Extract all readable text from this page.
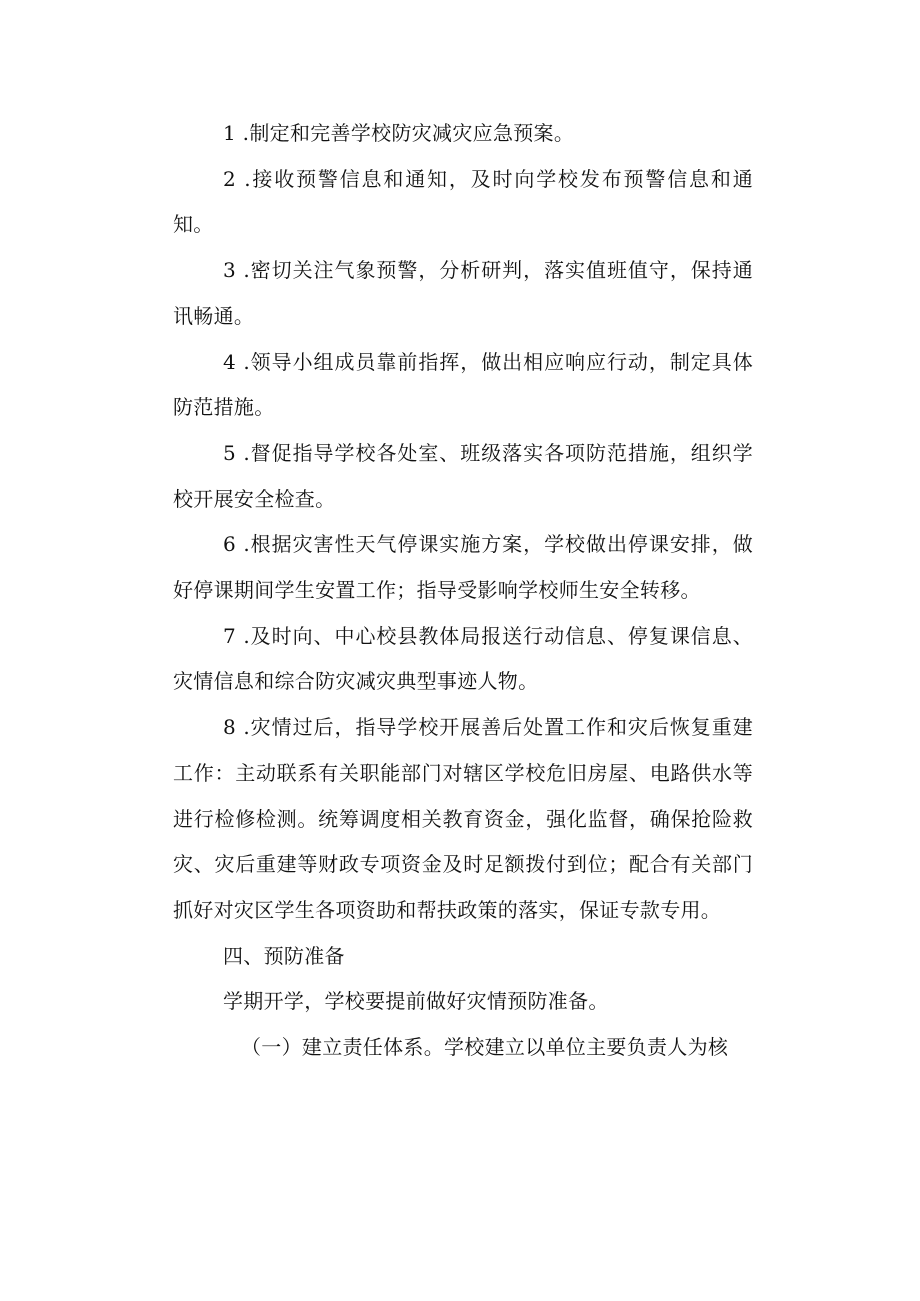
1 .制定和完善学校防灾减灾应急预案。

2 .接收预警信息和通知，及时向学校发布预警信息和通知。

3 .密切关注气象预警，分析研判，落实值班值守，保持通讯畅通。

4 .领导小组成员靠前指挥，做出相应响应行动，制定具体防范措施。

5 .督促指导学校各处室、班级落实各项防范措施，组织学校开展安全检查。

6 .根据灾害性天气停课实施方案，学校做出停课安排，做好停课期间学生安置工作；指导受影响学校师生安全转移。

7 .及时向、中心校县教体局报送行动信息、停复课信息、灾情信息和综合防灾减灾典型事迹人物。

8 .灾情过后，指导学校开展善后处置工作和灾后恢复重建工作：主动联系有关职能部门对辖区学校危旧房屋、电路供水等进行检修检测。统筹调度相关教育资金，强化监督，确保抢险救灾、灾后重建等财政专项资金及时足额拨付到位；配合有关部门抓好对灾区学生各项资助和帮扶政策的落实，保证专款专用。

四、预防准备

学期开学，学校要提前做好灾情预防准备。

（一）建立责任体系。学校建立以单位主要负责人为核
